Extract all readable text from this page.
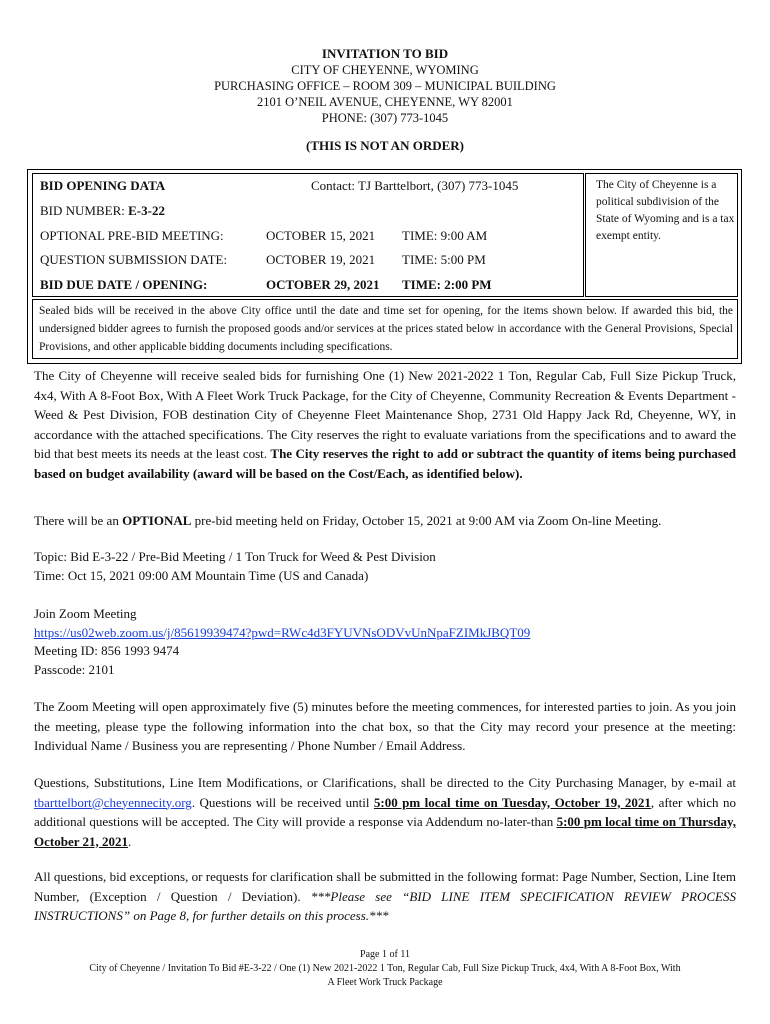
INVITATION TO BID
CITY OF CHEYENNE, WYOMING
PURCHASING OFFICE – ROOM 309 – MUNICIPAL BUILDING
2101 O’NEIL AVENUE, CHEYENNE, WY 82001
PHONE: (307) 773-1045
(THIS IS NOT AN ORDER)
BID OPENING DATA	Contact: TJ Barttelbort, (307) 773-1045
BID NUMBER: E-3-22
OPTIONAL PRE-BID MEETING:	OCTOBER 15, 2021 TIME: 9:00 AM
QUESTION SUBMISSION DATE:	OCTOBER 19, 2021 TIME: 5:00 PM
BID DUE DATE / OPENING:	OCTOBER 29, 2021 TIME: 2:00 PM
The City of Cheyenne is a political subdivision of the State of Wyoming and is a tax exempt entity.
Sealed bids will be received in the above City office until the date and time set for opening, for the items shown below. If awarded this bid, the undersigned bidder agrees to furnish the proposed goods and/or services at the prices stated below in accordance with the General Provisions, Special Provisions, and other applicable bidding documents including specifications.
The City of Cheyenne will receive sealed bids for furnishing One (1) New 2021-2022 1 Ton, Regular Cab, Full Size Pickup Truck, 4x4, With A 8-Foot Box, With A Fleet Work Truck Package, for the City of Cheyenne, Community Recreation & Events Department - Weed & Pest Division, FOB destination City of Cheyenne Fleet Maintenance Shop, 2731 Old Happy Jack Rd, Cheyenne, WY, in accordance with the attached specifications. The City reserves the right to evaluate variations from the specifications and to award the bid that best meets its needs at the least cost. The City reserves the right to add or subtract the quantity of items being purchased based on budget availability (award will be based on the Cost/Each, as identified below).
There will be an OPTIONAL pre-bid meeting held on Friday, October 15, 2021 at 9:00 AM via Zoom On-line Meeting.
Topic: Bid E-3-22 / Pre-Bid Meeting / 1 Ton Truck for Weed & Pest Division
Time: Oct 15, 2021 09:00 AM Mountain Time (US and Canada)
Join Zoom Meeting
https://us02web.zoom.us/j/85619939474?pwd=RWc4d3FYUVNsODVvUnNpaFZIMkJBQT09
Meeting ID: 856 1993 9474
Passcode: 2101
The Zoom Meeting will open approximately five (5) minutes before the meeting commences, for interested parties to join. As you join the meeting, please type the following information into the chat box, so that the City may record your presence at the meeting: Individual Name / Business you are representing / Phone Number / Email Address.
Questions, Substitutions, Line Item Modifications, or Clarifications, shall be directed to the City Purchasing Manager, by e-mail at tbarttelbort@cheyennecity.org. Questions will be received until 5:00 pm local time on Tuesday, October 19, 2021, after which no additional questions will be accepted. The City will provide a response via Addendum no-later-than 5:00 pm local time on Thursday, October 21, 2021.
All questions, bid exceptions, or requests for clarification shall be submitted in the following format: Page Number, Section, Line Item Number, (Exception / Question / Deviation). ***Please see “BID LINE ITEM SPECIFICATION REVIEW PROCESS INSTRUCTIONS” on Page 8, for further details on this process.***
Page 1 of 11
City of Cheyenne / Invitation To Bid #E-3-22 / One (1) New 2021-2022 1 Ton, Regular Cab, Full Size Pickup Truck, 4x4, With A 8-Foot Box, With
A Fleet Work Truck Package
